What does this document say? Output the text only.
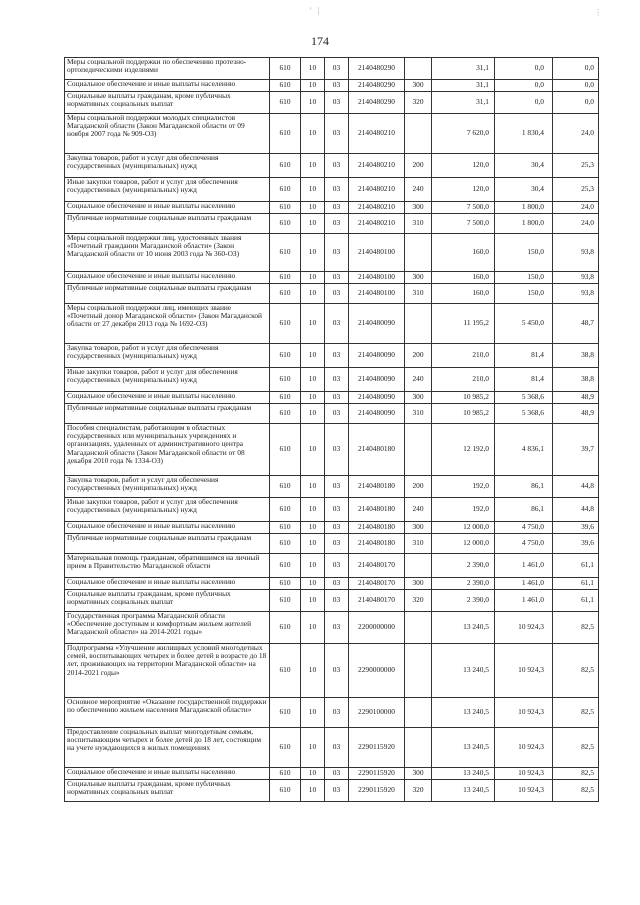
'   |	⋮
174
Меры социальной поддержки по обеспечению протезно-ортопедическими изделиями	610	10	03	2140480290		31,1	0,0	0,0
Социальное обеспечение и иные выплаты населению	610	10	03	2140480290	300	31,1	0,0	0,0
Социальные выплаты гражданам, кроме публичных нормативных социальных выплат	610	10	03	2140480290	320	31,1	0,0	0,0
Меры социальной поддержки молодых специалистов Магаданской области (Закон Магаданской области от 09 ноября 2007 года № 909-ОЗ)	610	10	03	2140480210		7 620,0	1 830,4	24,0
Закупка товаров, работ и услуг для обеспечения государственных (муниципальных) нужд	610	10	03	2140480210	200	120,0	30,4	25,3
Иные закупки товаров, работ и услуг для обеспечения государственных (муниципальных) нужд	610	10	03	2140480210	240	120,0	30,4	25,3
Социальное обеспечение и иные выплаты населению	610	10	03	2140480210	300	7 500,0	1 800,0	24,0
Публичные нормативные социальные выплаты гражданам	610	10	03	2140480210	310	7 500,0	1 800,0	24,0
Меры социальной поддержки лиц, удостоенных звания «Почетный гражданин Магаданской области» (Закон Магаданской области от 10 июня 2003 года № 360-ОЗ)	610	10	03	2140480100		160,0	150,0	93,8
Социальное обеспечение и иные выплаты населению	610	10	03	2140480100	300	160,0	150,0	93,8
Публичные нормативные социальные выплаты гражданам	610	10	03	2140480100	310	160,0	150,0	93,8
Меры социальной поддержки лиц, имеющих звание «Почетный донор Магаданской области» (Закон Магаданской области от 27 декабря 2013 года № 1692-ОЗ)	610	10	03	2140480090		11 195,2	5 450,0	48,7
Закупка товаров, работ и услуг для обеспечения государственных (муниципальных) нужд	610	10	03	2140480090	200	210,0	81,4	38,8
Иные закупки товаров, работ и услуг для обеспечения государственных (муниципальных) нужд	610	10	03	2140480090	240	210,0	81,4	38,8
Социальное обеспечение и иные выплаты населению	610	10	03	2140480090	300	10 985,2	5 368,6	48,9
Публичные нормативные социальные выплаты гражданам	610	10	03	2140480090	310	10 985,2	5 368,6	48,9
Пособия специалистам, работающим в областных государственных или муниципальных учреждениях и организациях, удаленных от административного центра Магаданской области (Закон Магаданской области от 08 декабря 2010 года № 1334-ОЗ)	610	10	03	2140480180		12 192,0	4 836,1	39,7
Закупка товаров, работ и услуг для обеспечения государственных (муниципальных) нужд	610	10	03	2140480180	200	192,0	86,1	44,8
Иные закупки товаров, работ и услуг для обеспечения государственных (муниципальных) нужд	610	10	03	2140480180	240	192,0	86,1	44,8
Социальное обеспечение и иные выплаты населению	610	10	03	2140480180	300	12 000,0	4 750,0	39,6
Публичные нормативные социальные выплаты гражданам	610	10	03	2140480180	310	12 000,0	4 750,0	39,6
Материальная помощь гражданам, обратившимся на личный прием в Правительство Магаданской области	610	10	03	2140480170		2 390,0	1 461,0	61,1
Социальное обеспечение и иные выплаты населению	610	10	03	2140480170	300	2 390,0	1 461,0	61,1
Социальные выплаты гражданам, кроме публичных нормативных социальных выплат	610	10	03	2140480170	320	2 390,0	1 461,0	61,1
Государственная программа Магаданской области «Обеспечение доступным и комфортным жильем жителей Магаданской области» на 2014-2021 годы»	610	10	03	2200000000		13 240,5	10 924,3	82,5
Подпрограмма «Улучшение жилищных условий многодетных семей, воспитывающих четырех и более детей в возрасте до 18 лет, проживающих на территории Магаданской области» на 2014-2021 годы»	610	10	03	2290000000		13 240,5	10 924,3	82,5
Основное мероприятие «Оказание государственной поддержки по обеспечению жильем населения Магаданской области»	610	10	03	2290100000		13 240,5	10 924,3	82,5
Предоставление социальных выплат многодетным семьям, воспитывающим четырех и более детей до 18 лет, состоящим на учете нуждающихся в жилых помещениях	610	10	03	2290115920		13 240,5	10 924,3	82,5
Социальное обеспечение и иные выплаты населению	610	10	03	2290115920	300	13 240,5	10 924,3	82,5
Социальные выплаты гражданам, кроме публичных нормативных социальных выплат	610	10	03	2290115920	320	13 240,5	10 924,3	82,5
